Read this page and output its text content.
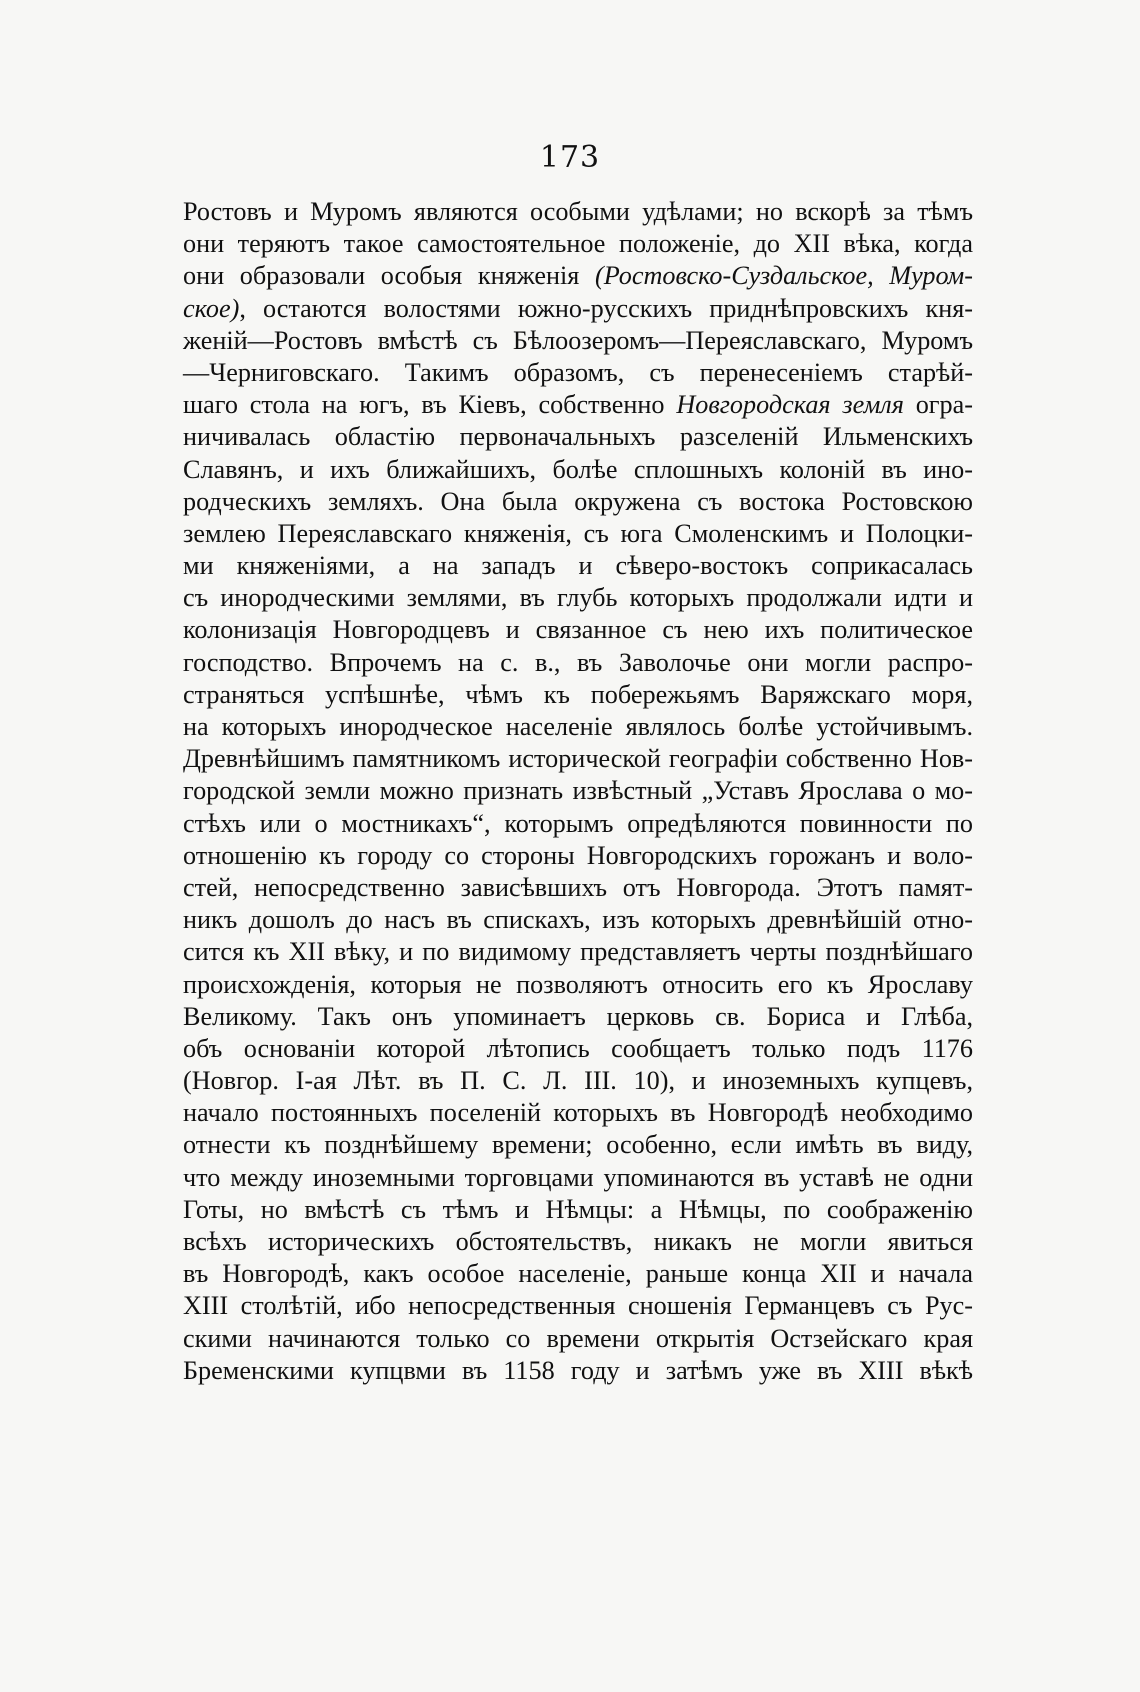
173
Ростовъ и Муромъ являются особыми удѣлами; но вскорѣ за тѣмъ
они теряютъ такое самостоятельное положеніе, до XII вѣка, когда
они образовали особыя княженія (Ростовско-Суздальское, Муром-
ское), остаются волостями южно-русскихъ приднѣпровскихъ кня-
женій—Ростовъ вмѣстѣ съ Бѣлоозеромъ—Переяславскаго, Муромъ
—Черниговскаго. Такимъ образомъ, съ перенесеніемъ старѣй-
шаго стола на югъ, въ Кіевъ, собственно Новгородская земля огра-
ничивалась областію первоначальныхъ разселеній Ильменскихъ
Славянъ, и ихъ ближайшихъ, болѣе сплошныхъ колоній въ ино-
родческихъ земляхъ. Она была окружена съ востока Ростовскою
землею Переяславскаго княженія, съ юга Смоленскимъ и Полоцки-
ми княженіями, а на западъ и сѣверо-востокъ соприкасалась
съ инородческими землями, въ глубь которыхъ продолжали идти и
колонизація Новгородцевъ и связанное съ нею ихъ политическое
господство. Впрочемъ на с. в., въ Заволочье они могли распро-
страняться успѣшнѣе, чѣмъ къ побережьямъ Варяжскаго моря,
на которыхъ инородческое населеніе являлось болѣе устойчивымъ.
Древнѣйшимъ памятникомъ исторической географіи собственно Нов-
городской земли можно признать извѣстный „Уставъ Ярослава о мо-
стѣхъ или о мостникахъ“, которымъ опредѣляются повинности по
отношенію къ городу со стороны Новгородскихъ горожанъ и воло-
стей, непосредственно зависѣвшихъ отъ Новгорода. Этотъ памят-
никъ дошолъ до насъ въ спискахъ, изъ которыхъ древнѣйшій отно-
сится къ XII вѣку, и по видимому представляетъ черты позднѣйшаго
происхожденія, которыя не позволяютъ относить его къ Ярославу
Великому. Такъ онъ упоминаетъ церковь св. Бориса и Глѣба,
объ основаніи которой лѣтопись сообщаетъ только подъ 1176
(Новгор. I-ая Лѣт. въ П. С. Л. III. 10), и иноземныхъ купцевъ,
начало постоянныхъ поселеній которыхъ въ Новгородѣ необходимо
отнести къ позднѣйшему времени; особенно, если имѣть въ виду,
что между иноземными торговцами упоминаются въ уставѣ не одни
Готы, но вмѣстѣ съ тѣмъ и Нѣмцы: а Нѣмцы, по соображенію
всѣхъ историческихъ обстоятельствъ, никакъ не могли явиться
въ Новгородѣ, какъ особое населеніе, раньше конца XII и начала
XIII столѣтій, ибо непосредственныя сношенія Германцевъ съ Рус-
скими начинаются только со времени открытія Остзейскаго края
Бременскими купцвми въ 1158 году и затѣмъ уже въ XIII вѣкѣ
